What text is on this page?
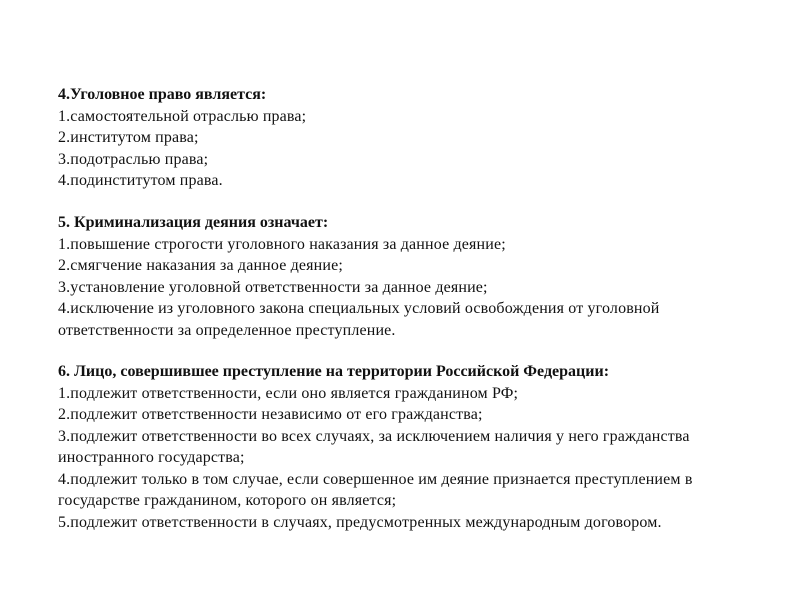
4.Уголовное право является:
1.самостоятельной отраслью права;
2.институтом права;
3.подотраслью права;
4.подинститутом права.
5. Криминализация деяния означает:
1.повышение строгости уголовного наказания за данное деяние;
2.смягчение наказания за данное деяние;
3.установление уголовной ответственности за данное деяние;
4.исключение из уголовного закона специальных условий освобождения от уголовной ответственности за определенное преступление.
6. Лицо, совершившее преступление на территории Российской Федерации:
1.подлежит ответственности, если оно является гражданином РФ;
2.подлежит ответственности независимо от его гражданства;
3.подлежит ответственности во всех случаях, за исключением наличия у него гражданства иностранного государства;
4.подлежит только в том случае, если совершенное им деяние признается преступлением в государстве гражданином, которого он является;
5.подлежит ответственности в случаях, предусмотренных международным договором.
